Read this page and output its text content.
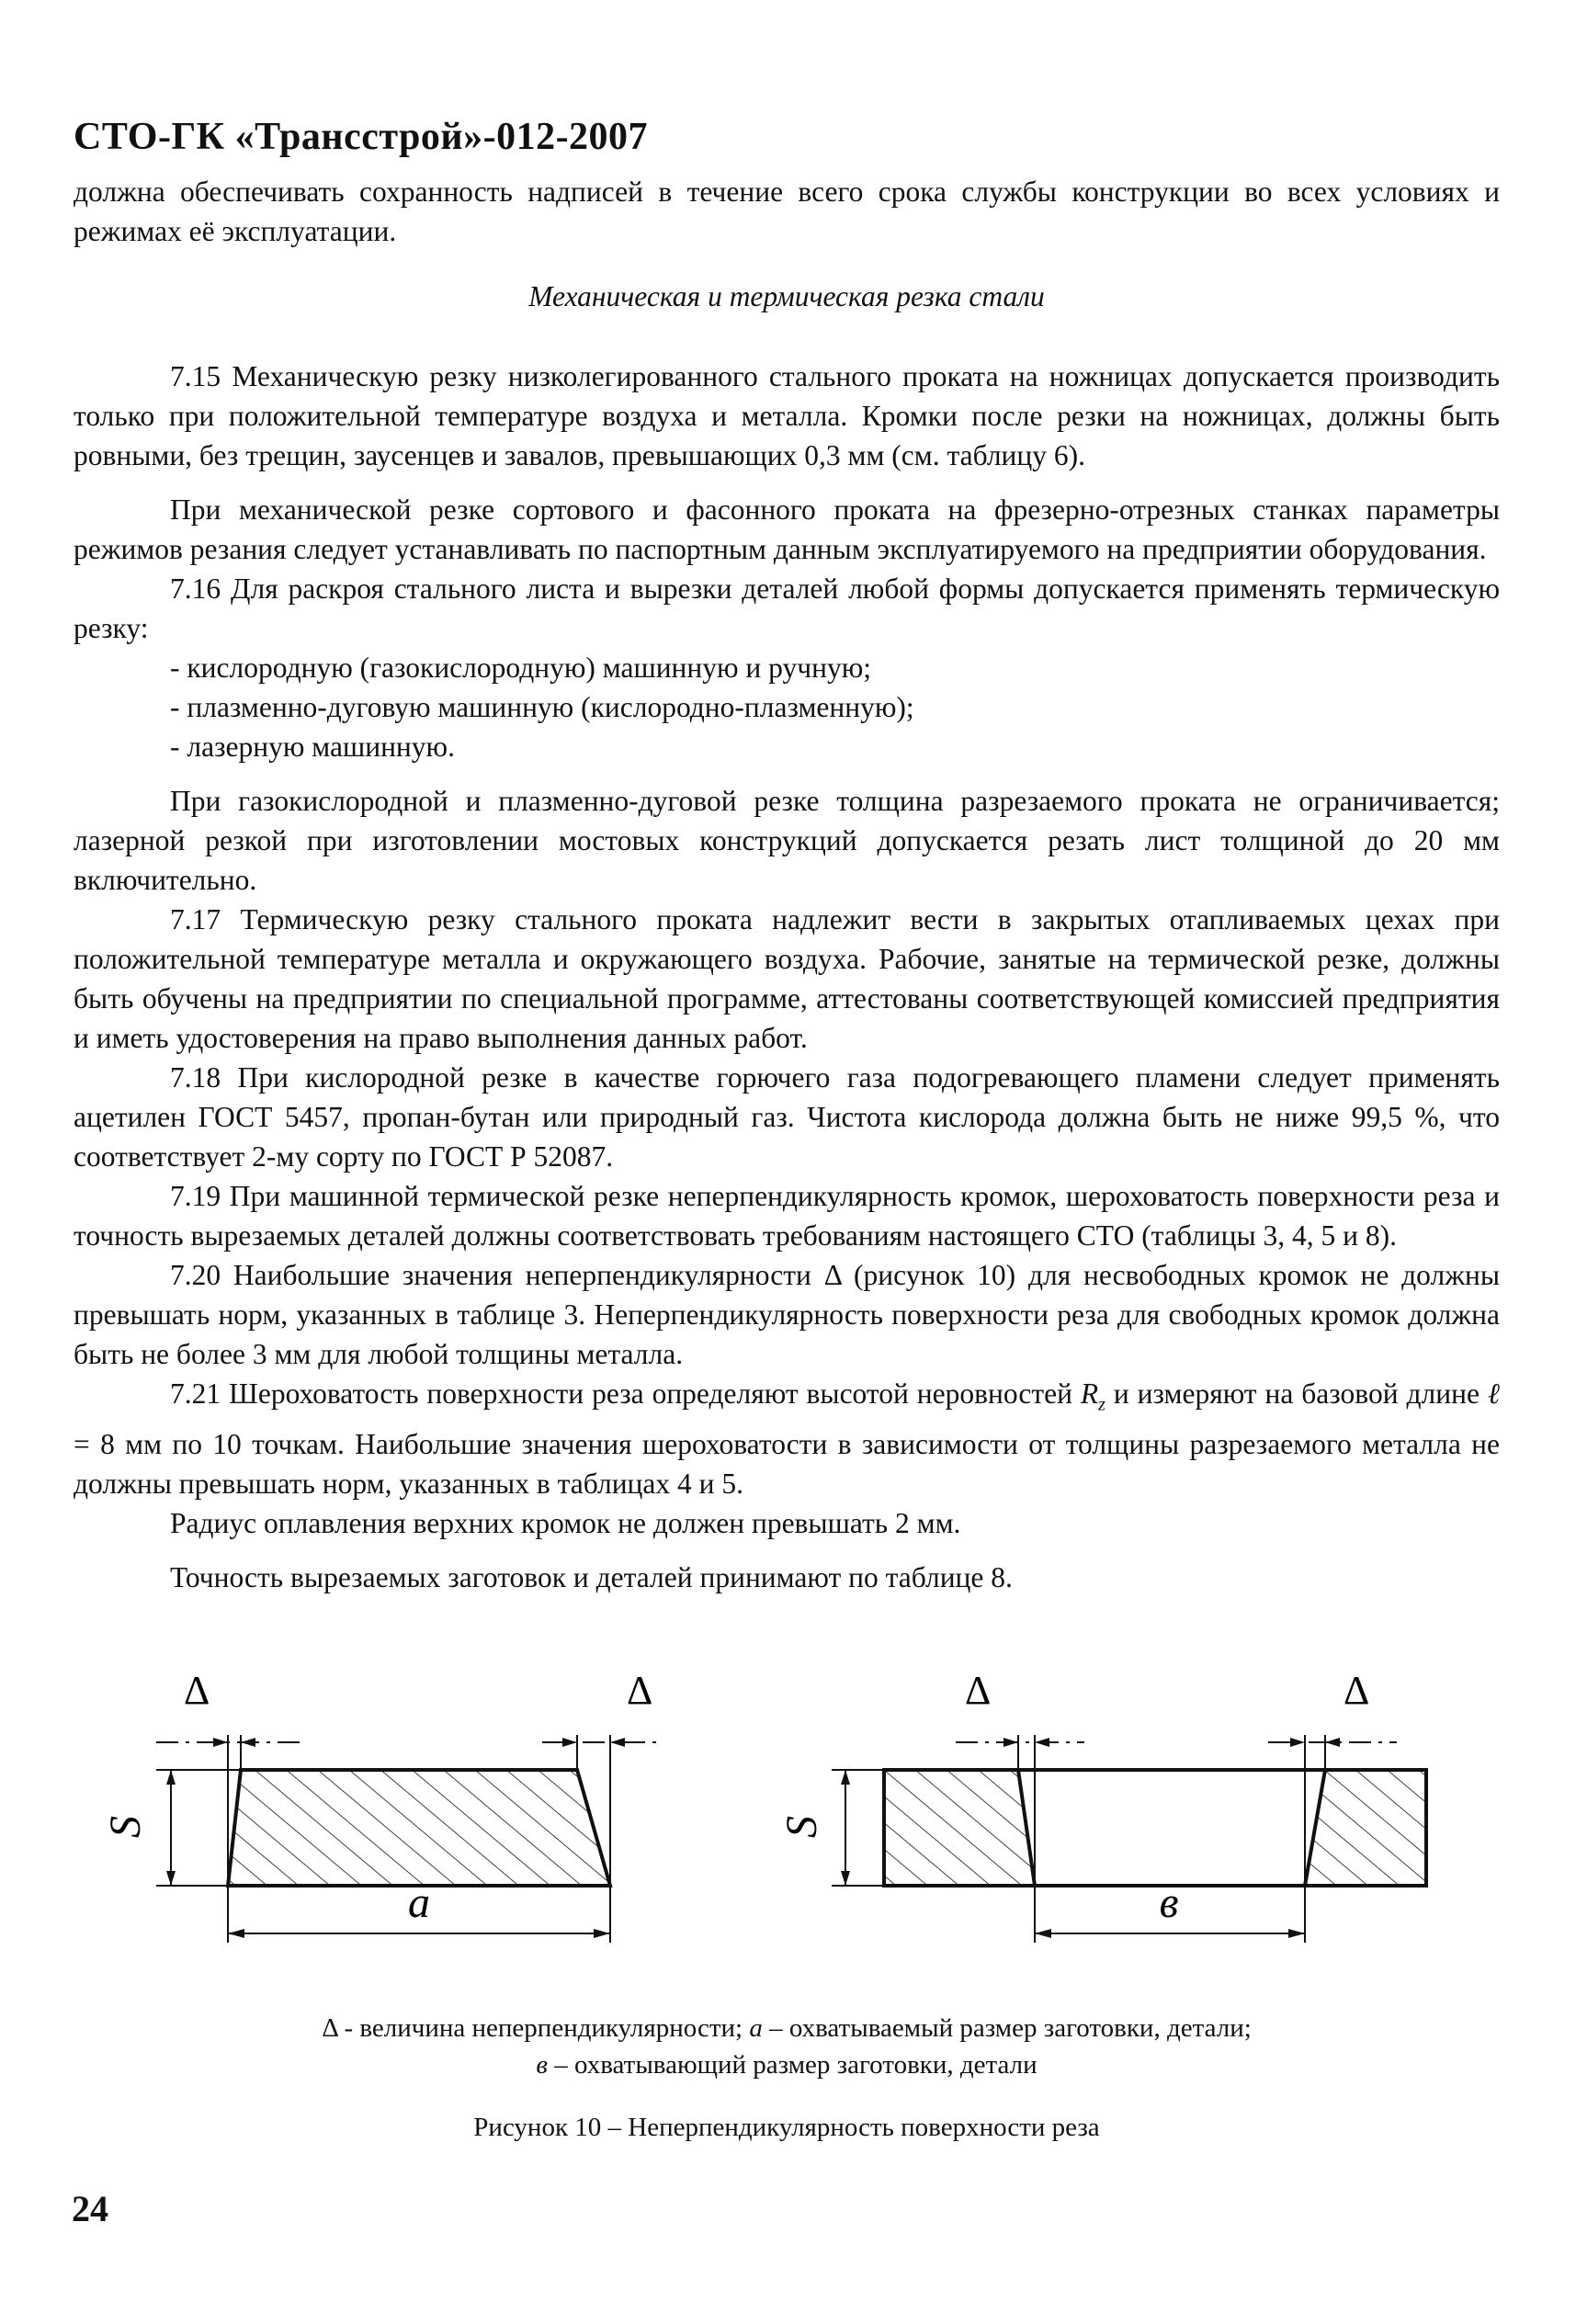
СТО-ГК «Трансстрой»-012-2007

должна обеспечивать сохранность надписей в течение всего срока службы конструкции во всех условиях и режимах её эксплуатации.

Механическая и термическая резка стали

7.15 Механическую резку низколегированного стального проката на ножницах допускается производить только при положительной температуре воздуха и металла. Кромки после резки на ножницах, должны быть ровными, без трещин, заусенцев и завалов, превышающих 0,3 мм (см. таблицу 6).

При механической резке сортового и фасонного проката на фрезерно-отрезных станках параметры режимов резания следует устанавливать по паспортным данным эксплуатируемого на предприятии оборудования.

7.16 Для раскроя стального листа и вырезки деталей любой формы допускается применять термическую резку:

- кислородную (газокислородную) машинную и ручную;

- плазменно-дуговую машинную (кислородно-плазменную);

- лазерную машинную.

При газокислородной и плазменно-дуговой резке толщина разрезаемого проката не ограничивается; лазерной резкой при изготовлении мостовых конструкций допускается резать лист толщиной до 20 мм включительно.

7.17 Термическую резку стального проката надлежит вести в закрытых отапливаемых цехах при положительной температуре металла и окружающего воздуха. Рабочие, занятые на термической резке, должны быть обучены на предприятии по специальной программе, аттестованы соответствующей комиссией предприятия и иметь удостоверения на право выполнения данных работ.

7.18 При кислородной резке в качестве горючего газа подогревающего пламени следует применять ацетилен ГОСТ 5457, пропан-бутан или природный газ. Чистота кислорода должна быть не ниже 99,5 %, что соответствует 2-му сорту по ГОСТ Р 52087.

7.19 При машинной термической резке неперпендикулярность кромок, шероховатость поверхности реза и точность вырезаемых деталей должны соответствовать требованиям настоящего СТО (таблицы 3, 4, 5 и 8).

7.20 Наибольшие значения неперпендикулярности Δ (рисунок 10) для несвободных кромок не должны превышать норм, указанных в таблице 3. Неперпендикулярность поверхности реза для свободных кромок должна быть не более 3 мм для любой толщины металла.

7.21 Шероховатость поверхности реза определяют высотой неровностей $R_z$ и измеряют на базовой длине ℓ = 8 мм по 10 точкам. Наибольшие значения шероховатости в зависимости от толщины разрезаемого металла не должны превышать норм, указанных в таблицах 4 и 5.

Радиус оплавления верхних кромок не должен превышать 2 мм.

Точность вырезаемых заготовок и деталей принимают по таблице 8.

Δ	Δ
S
a
Δ	Δ
S
в
Δ - величина неперпендикулярности; а – охватываемый размер заготовки, детали;
в – охватывающий размер заготовки, детали
Рисунок 10 – Неперпендикулярность поверхности реза
24
